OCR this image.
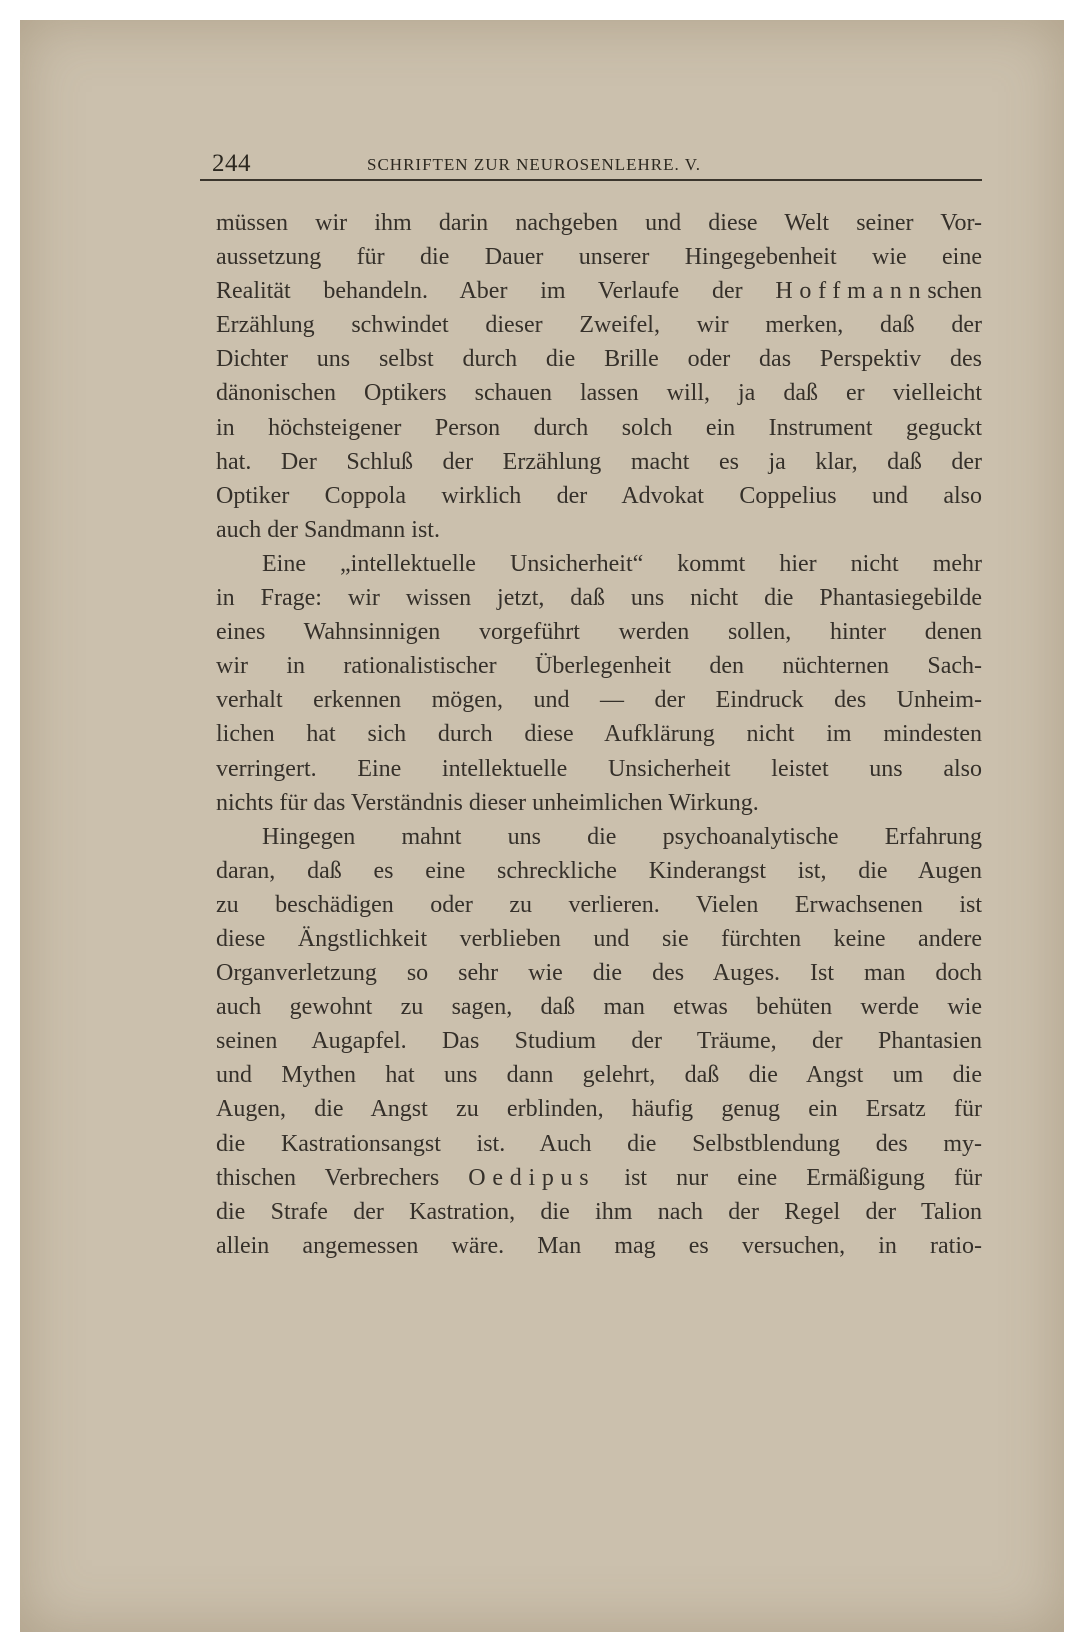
244	SCHRIFTEN ZUR NEUROSENLEHRE. V.
müssen wir ihm darin nachgeben und diese Welt seiner Vor-
aussetzung für die Dauer unserer Hingegebenheit wie eine
Realität behandeln. Aber im Verlaufe der Hoffmannschen
Erzählung schwindet dieser Zweifel, wir merken, daß der
Dichter uns selbst durch die Brille oder das Perspektiv des
dänonischen Optikers schauen lassen will, ja daß er vielleicht
in höchsteigener Person durch solch ein Instrument geguckt
hat. Der Schluß der Erzählung macht es ja klar, daß der
Optiker Coppola wirklich der Advokat Coppelius und also
auch der Sandmann ist.
Eine „intellektuelle Unsicherheit“ kommt hier nicht mehr
in Frage: wir wissen jetzt, daß uns nicht die Phantasiegebilde
eines Wahnsinnigen vorgeführt werden sollen, hinter denen
wir in rationalistischer Überlegenheit den nüchternen Sach-
verhalt erkennen mögen, und — der Eindruck des Unheim-
lichen hat sich durch diese Aufklärung nicht im mindesten
verringert. Eine intellektuelle Unsicherheit leistet uns also
nichts für das Verständnis dieser unheimlichen Wirkung.
Hingegen mahnt uns die psychoanalytische Erfahrung
daran, daß es eine schreckliche Kinderangst ist, die Augen
zu beschädigen oder zu verlieren. Vielen Erwachsenen ist
diese Ängstlichkeit verblieben und sie fürchten keine andere
Organverletzung so sehr wie die des Auges. Ist man doch
auch gewohnt zu sagen, daß man etwas behüten werde wie
seinen Augapfel. Das Studium der Träume, der Phantasien
und Mythen hat uns dann gelehrt, daß die Angst um die
Augen, die Angst zu erblinden, häufig genug ein Ersatz für
die Kastrationsangst ist. Auch die Selbstblendung des my-
thischen Verbrechers Oedipus ist nur eine Ermäßigung für
die Strafe der Kastration, die ihm nach der Regel der Talion
allein angemessen wäre. Man mag es versuchen, in ratio-
